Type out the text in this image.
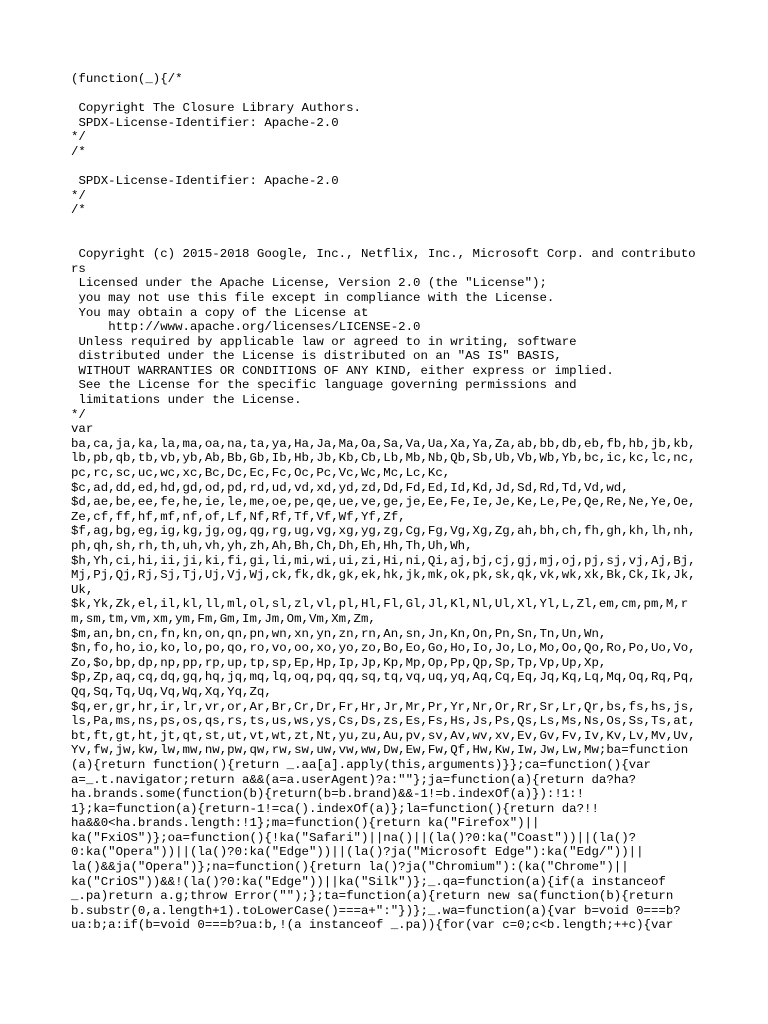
(function(_){/*
Copyright The Closure Library Authors.
SPDX-License-Identifier: Apache-2.0
*/
/*
SPDX-License-Identifier: Apache-2.0
*/
/*
Copyright (c) 2015-2018 Google, Inc., Netflix, Inc., Microsoft Corp. and contributors
Licensed under the Apache License, Version 2.0 (the "License");
you may not use this file except in compliance with the License.
You may obtain a copy of the License at
http://www.apache.org/licenses/LICENSE-2.0
Unless required by applicable law or agreed to in writing, software
distributed under the License is distributed on an "AS IS" BASIS,
WITHOUT WARRANTIES OR CONDITIONS OF ANY KIND, either express or implied.
See the License for the specific language governing permissions and
limitations under the License.
*/
var
ba,ca,ja,ka,la,ma,oa,na,ta,ya,Ha,Ja,Ma,Oa,Sa,Va,Ua,Xa,Ya,Za,ab,bb,db,eb,fb,hb,jb,kb,lb,pb,qb,tb,vb,yb,Ab,Bb,Gb,Ib,Hb,Jb,Kb,Cb,Lb,Mb,Nb,Qb,Sb,Ub,Vb,Wb,Yb,bc,ic,kc,lc,nc,pc,rc,sc,uc,wc,xc,Bc,Dc,Ec,Fc,Oc,Pc,Vc,Wc,Mc,Lc,Kc,
$c,ad,dd,ed,hd,gd,od,pd,rd,ud,vd,xd,yd,zd,Dd,Fd,Ed,Id,Kd,Jd,Sd,Rd,Td,Vd,wd,
$d,ae,be,ee,fe,he,ie,le,me,oe,pe,qe,ue,ve,ge,je,Ee,Fe,Ie,Je,Ke,Le,Pe,Qe,Re,Ne,Ye,Oe,Ze,cf,ff,hf,mf,nf,of,Lf,Nf,Rf,Tf,Vf,Wf,Yf,Zf,
$f,ag,bg,eg,ig,kg,jg,og,qg,rg,ug,vg,xg,yg,zg,Cg,Fg,Vg,Xg,Zg,ah,bh,ch,fh,gh,kh,lh,nh,ph,qh,sh,rh,th,uh,vh,yh,zh,Ah,Bh,Ch,Dh,Eh,Hh,Th,Uh,Wh,
$h,Yh,ci,hi,ii,ji,ki,fi,gi,li,mi,wi,ui,zi,Hi,ni,Qi,aj,bj,cj,gj,mj,oj,pj,sj,vj,Aj,Bj,Mj,Pj,Qj,Rj,Sj,Tj,Uj,Vj,Wj,ck,fk,dk,gk,ek,hk,jk,mk,ok,pk,sk,qk,vk,wk,xk,Bk,Ck,Ik,Jk,Uk,
$k,Yk,Zk,el,il,kl,ll,ml,ol,sl,zl,vl,pl,Hl,Fl,Gl,Jl,Kl,Nl,Ul,Xl,Yl,L,Zl,em,cm,pm,M,rm,sm,tm,vm,xm,ym,Fm,Gm,Im,Jm,Om,Vm,Xm,Zm,
$m,an,bn,cn,fn,kn,on,qn,pn,wn,xn,yn,zn,rn,An,sn,Jn,Kn,On,Pn,Sn,Tn,Un,Wn,
$n,fo,ho,io,ko,lo,po,qo,ro,vo,oo,xo,yo,zo,Bo,Eo,Go,Ho,Io,Jo,Lo,Mo,Oo,Qo,Ro,Po,Uo,Vo,Zo,$o,bp,dp,np,pp,rp,up,tp,sp,Ep,Hp,Ip,Jp,Kp,Mp,Op,Pp,Qp,Sp,Tp,Vp,Up,Xp,
$p,Zp,aq,cq,dq,gq,hq,jq,mq,lq,oq,pq,qq,sq,tq,vq,uq,yq,Aq,Cq,Eq,Jq,Kq,Lq,Mq,Oq,Rq,Pq,Qq,Sq,Tq,Uq,Vq,Wq,Xq,Yq,Zq,
$q,er,gr,hr,ir,lr,vr,or,Ar,Br,Cr,Dr,Fr,Hr,Jr,Mr,Pr,Yr,Nr,Or,Rr,Sr,Lr,Qr,bs,fs,hs,js,ls,Pa,ms,ns,ps,os,qs,rs,ts,us,ws,ys,Cs,Ds,zs,Es,Fs,Hs,Js,Ps,Qs,Ls,Ms,Ns,Os,Ss,Ts,at,bt,ft,gt,ht,jt,qt,st,ut,vt,wt,zt,Nt,yu,zu,Au,pv,sv,Av,wv,xv,Ev,Gv,Fv,Iv,Kv,Lv,Mv,Uv,Yv,fw,jw,kw,lw,mw,nw,pw,qw,rw,sw,uw,vw,ww,Dw,Ew,Fw,Qf,Hw,Kw,Iw,Jw,Lw,Mw;ba=function(a){return function(){return _.aa[a].apply(this,arguments)}};ca=function(){var
a=_.t.navigator;return a&&(a=a.userAgent)?a:""};ja=function(a){return da?ha?
ha.brands.some(function(b){return(b=b.brand)&&-1!=b.indexOf(a)}):!1:!
1};ka=function(a){return-1!=ca().indexOf(a)};la=function(){return da?!!
ha&&0<ha.brands.length:!1};ma=function(){return ka("Firefox")||
ka("FxiOS")};oa=function(){!ka("Safari")||na()||(la()?0:ka("Coast"))||(la()?
0:ka("Opera"))||(la()?0:ka("Edge"))||(la()?ja("Microsoft Edge"):ka("Edg/"))||
la()&&ja("Opera")};na=function(){return la()?ja("Chromium"):(ka("Chrome")||
ka("CriOS"))&&!(la()?0:ka("Edge"))||ka("Silk")};_.qa=function(a){if(a instanceof
_.pa)return a.g;throw Error("");};ta=function(a){return new sa(function(b){return
b.substr(0,a.length+1).toLowerCase()===a+":"})};_.wa=function(a){var b=void 0===b?
ua:b;a:if(b=void 0===b?ua:b,!(a instanceof _.pa)){for(var c=0;c<b.length;++c){var
